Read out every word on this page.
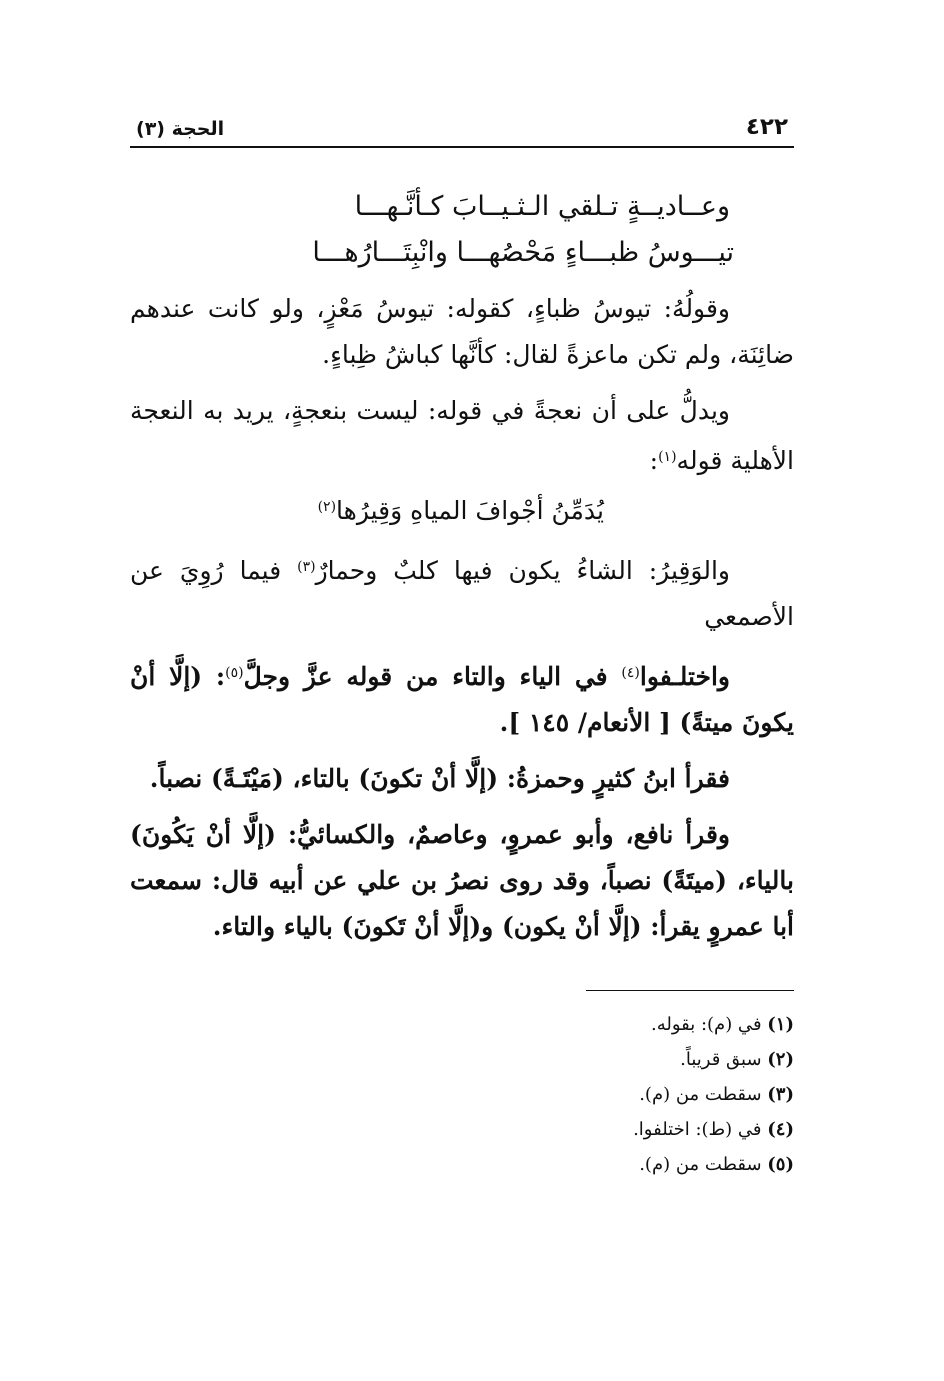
٤٢٢
الحجة (٣)
وعــاديــةٍ تـلقي الـثـيــابَ كـأنَّـهـــا
تيـــوسُ ظبـــاءٍ مَحْصُهـــا وانْبِتَـــارُهـــا

وقولُهُ: تيوسُ ظباءٍ، كقوله: تيوسُ مَعْزٍ، ولو كانت عندهم ضائِنَة، ولم تكن ماعزةً لقال: كأنَّها كباشُ ظِباءٍ.

ويدلُّ على أن نعجةً في قوله: ليست بنعجةٍ، يريد به النعجة الأهلية قوله$^{(١)}$:

يُدَمِّنُ أجْوافَ المياهِ وَقِيرُها$^{(٢)}$

والوَقِيرُ: الشاءُ يكون فيها كلبٌ وحمارٌ$^{(٣)}$ فيما رُوِيَ عن الأصمعي

واختلـفوا$^{(٤)}$ في الياء والتاء من قوله عزَّ وجلَّ$^{(٥)}$: (إلَّا أنْ يكونَ ميتةً) [ الأنعام/ ١٤٥ ].

فقرأ ابنُ كثيرٍ وحمزةُ: (إلَّا أنْ تكونَ) بالتاء، (مَيْتَـةً) نصباً.

وقرأ نافع، وأبو عمروٍ، وعاصمٌ، والكسائيُّ: (إلَّا أنْ يَكُونَ) بالياء، (ميتَةً) نصباً، وقد روى نصرُ بن علي عن أبيه قال: سمعت أبا عمروٍ يقرأ: (إلَّا أنْ يكون) و(إلَّا أنْ تَكونَ) بالياء والتاء.

(١) في (م): بقوله.
(٢) سبق قريباً.
(٣) سقطت من (م).
(٤) في (ط): اختلفوا.
(٥) سقطت من (م).
